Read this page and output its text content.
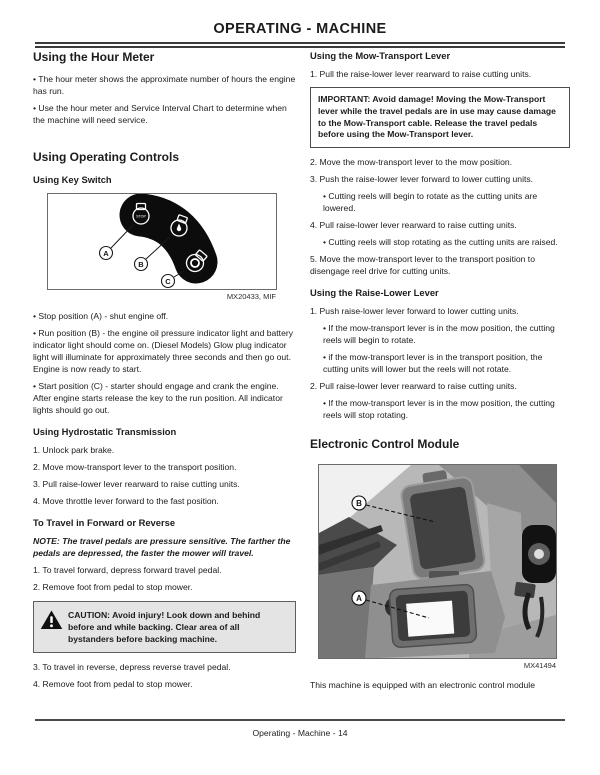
OPERATING - MACHINE
Using the Hour Meter

• The hour meter shows the approximate number of hours the engine has run.

• Use the hour meter and Service Interval Chart to determine when the machine will need service.

Using Operating Controls
Using Key Switch
STOP
A
B
C
MX20433, MIF

• Stop position (A) - shut engine off.

• Run position (B) - the engine oil pressure indicator light and battery indicator light should come on. (Diesel Models) Glow plug indicator light will illuminate for approximately three seconds and then go out. Engine is now ready to start.

• Start position (C) - starter should engage and crank the engine. After engine starts release the key to the run position. All indicator lights should go out.

Using Hydrostatic Transmission

1. Unlock park brake.

2. Move mow-transport lever to the transport position.

3. Pull raise-lower lever rearward to raise cutting units.

4. Move throttle lever forward to the fast position.

To Travel in Forward or Reverse

NOTE: The travel pedals are pressure sensitive. The farther the pedals are depressed, the faster the mower will travel.

1. To travel forward, depress forward travel pedal.

2. Remove foot from pedal to stop mower.

CAUTION: Avoid injury! Look down and behind before and while backing. Clear area of all bystanders before backing machine.

3. To travel in reverse, depress reverse travel pedal.

4. Remove foot from pedal to stop mower.

Using the Mow-Transport Lever

1. Pull the raise-lower lever rearward to raise cutting units.

IMPORTANT: Avoid damage! Moving the Mow-Transport lever while the travel pedals are in use may cause damage to the Mow-Transport cable. Release the travel pedals before using the Mow-Transport lever.

2. Move the mow-transport lever to the mow position.

3. Push the raise-lower lever forward to lower cutting units.

• Cutting reels will begin to rotate as the cutting units are lowered.

4. Pull raise-lower lever rearward to raise cutting units.

• Cutting reels will stop rotating as the cutting units are raised.

5. Move the mow-transport lever to the transport position to disengage reel drive for cutting units.

Using the Raise-Lower Lever

1. Push raise-lower lever forward to lower cutting units.

• If the mow-transport lever is in the mow position, the cutting reels will begin to rotate.

• if the mow-transport lever is in the transport position, the cutting units will lower but the reels will not rotate.

2. Pull raise-lower lever rearward to raise cutting units.

• If the mow-transport lever is in the mow position, the cutting reels will stop rotating.

Electronic Control Module
B
A
MX41494

This machine is equipped with an electronic control module

Operating - Machine - 14
